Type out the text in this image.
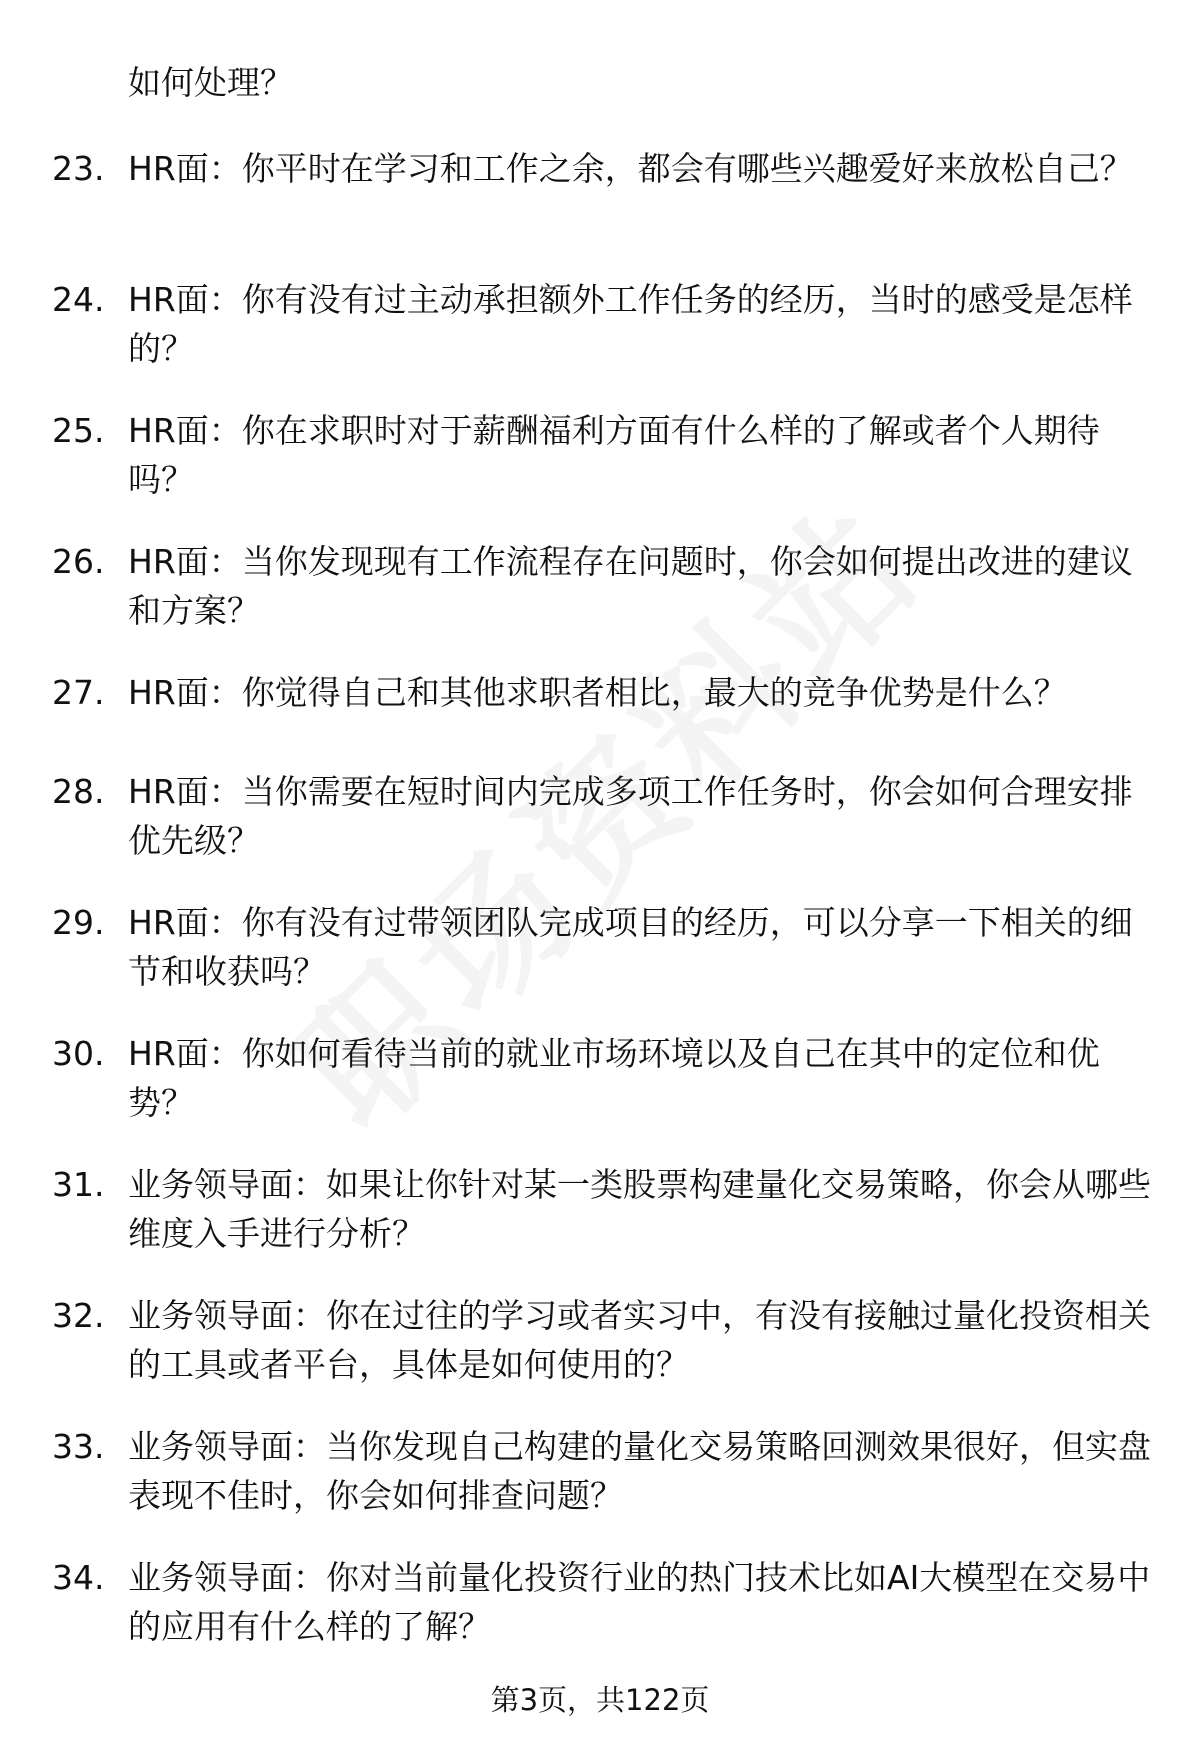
如何处理？
23. HR面：你平时在学习和工作之余，都会有哪些兴趣爱好来放松自己？
24. HR面：你有没有过主动承担额外工作任务的经历，当时的感受是怎样的？
25. HR面：你在求职时对于薪酬福利方面有什么样的了解或者个人期待吗？
26. HR面：当你发现现有工作流程存在问题时，你会如何提出改进的建议和方案？
27. HR面：你觉得自己和其他求职者相比，最大的竞争优势是什么？
28. HR面：当你需要在短时间内完成多项工作任务时，你会如何合理安排优先级？
29. HR面：你有没有过带领团队完成项目的经历，可以分享一下相关的细节和收获吗？
30. HR面：你如何看待当前的就业市场环境以及自己在其中的定位和优势？
31. 业务领导面：如果让你针对某一类股票构建量化交易策略，你会从哪些维度入手进行分析？
32. 业务领导面：你在过往的学习或者实习中，有没有接触过量化投资相关的工具或者平台，具体是如何使用的？
33. 业务领导面：当你发现自己构建的量化交易策略回测效果很好，但实盘表现不佳时，你会如何排查问题？
34. 业务领导面：你对当前量化投资行业的热门技术比如AI大模型在交易中的应用有什么样的了解？
第3页，共122页
